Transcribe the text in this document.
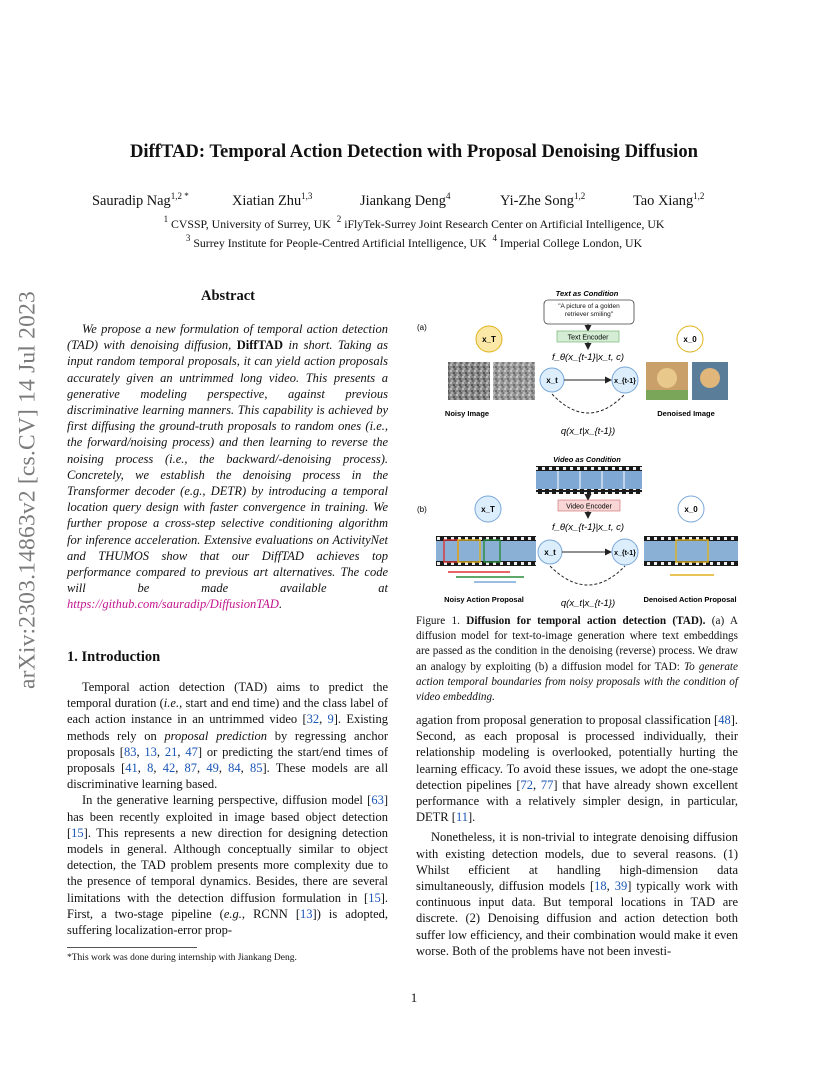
arXiv:2303.14863v2 [cs.CV] 14 Jul 2023
DiffTAD: Temporal Action Detection with Proposal Denoising Diffusion
Sauradip Nag$^{1,2 *}$	Xiatian Zhu$^{1,3}$	Jiankang Deng$^4$	Yi-Zhe Song$^{1,2}$	Tao Xiang$^{1,2}$
$^1$ CVSSP, University of Surrey, UK $^2$ iFlyTek-Surrey Joint Research Center on Artificial Intelligence, UK
$^3$ Surrey Institute for People-Centred Artificial Intelligence, UK $^4$ Imperial College London, UK
Abstract

We propose a new formulation of temporal action detection (TAD) with denoising diffusion, DiffTAD in short. Taking as input random temporal proposals, it can yield action proposals accurately given an untrimmed long video. This presents a generative modeling perspective, against previous discriminative learning manners. This capability is achieved by first diffusing the ground-truth proposals to random ones (i.e., the forward/noising process) and then learning to reverse the noising process (i.e., the backward/-denoising process). Concretely, we establish the denoising process in the Transformer decoder (e.g., DETR) by introducing a temporal location query design with faster convergence in training. We further propose a cross-step selective conditioning algorithm for inference acceleration. Extensive evaluations on ActivityNet and THUMOS show that our DiffTAD achieves top performance compared to previous art alternatives. The code will be made available at https://github.com/sauradip/DiffusionTAD.

1. Introduction

Temporal action detection (TAD) aims to predict the temporal duration (i.e., start and end time) and the class label of each action instance in an untrimmed video [32, 9]. Existing methods rely on proposal prediction by regressing anchor proposals [83, 13, 21, 47] or predicting the start/end times of proposals [41, 8, 42, 87, 49, 84, 85]. These models are all discriminative learning based.

In the generative learning perspective, diffusion model [63] has been recently exploited in image based object detection [15]. This represents a new direction for designing detection models in general. Although conceptually similar to object detection, the TAD problem presents more complexity due to the presence of temporal dynamics. Besides, there are several limitations with the detection diffusion formulation in [15]. First, a two-stage pipeline (e.g., RCNN [13]) is adopted, suffering localization-error prop-

agation from proposal generation to proposal classification [48]. Second, as each proposal is processed individually, their relationship modeling is overlooked, potentially hurting the learning efficacy. To avoid these issues, we adopt the one-stage detection pipelines [72, 77] that have already shown excellent performance with a relatively simpler design, in particular, DETR [11].

Nonetheless, it is non-trivial to integrate denoising diffusion with existing detection models, due to several reasons. (1) Whilst efficient at handling high-dimension data simultaneously, diffusion models [18, 39] typically work with continuous input data. But temporal locations in TAD are discrete. (2) Denoising diffusion and action detection both suffer low efficiency, and their combination would make it even worse. Both of the problems have not been investi-

(a)
Text as Condition
"A picture of a golden retriever smiling"
Text Encoder
f_θ(x_{t-1}|x_t, c)
x_T	x_0
x_t	x_{t-1}
Noisy Image	Denoised Image
q(x_t|x_{t-1})
Video as Condition
Video Encoder
f_θ(x_{t-1}|x_t, c)
(b)	x_T	x_0
x_t	x_{t-1}
Noisy Action Proposal	Denoised Action Proposal
q(x_t|x_{t-1})
Figure 1. Diffusion for temporal action detection (TAD). (a) A diffusion model for text-to-image generation where text embeddings are passed as the condition in the denoising (reverse) process. We draw an analogy by exploiting (b) a diffusion model for TAD: To generate action temporal boundaries from noisy proposals with the condition of video embedding.
*This work was done during internship with Jiankang Deng.
1
